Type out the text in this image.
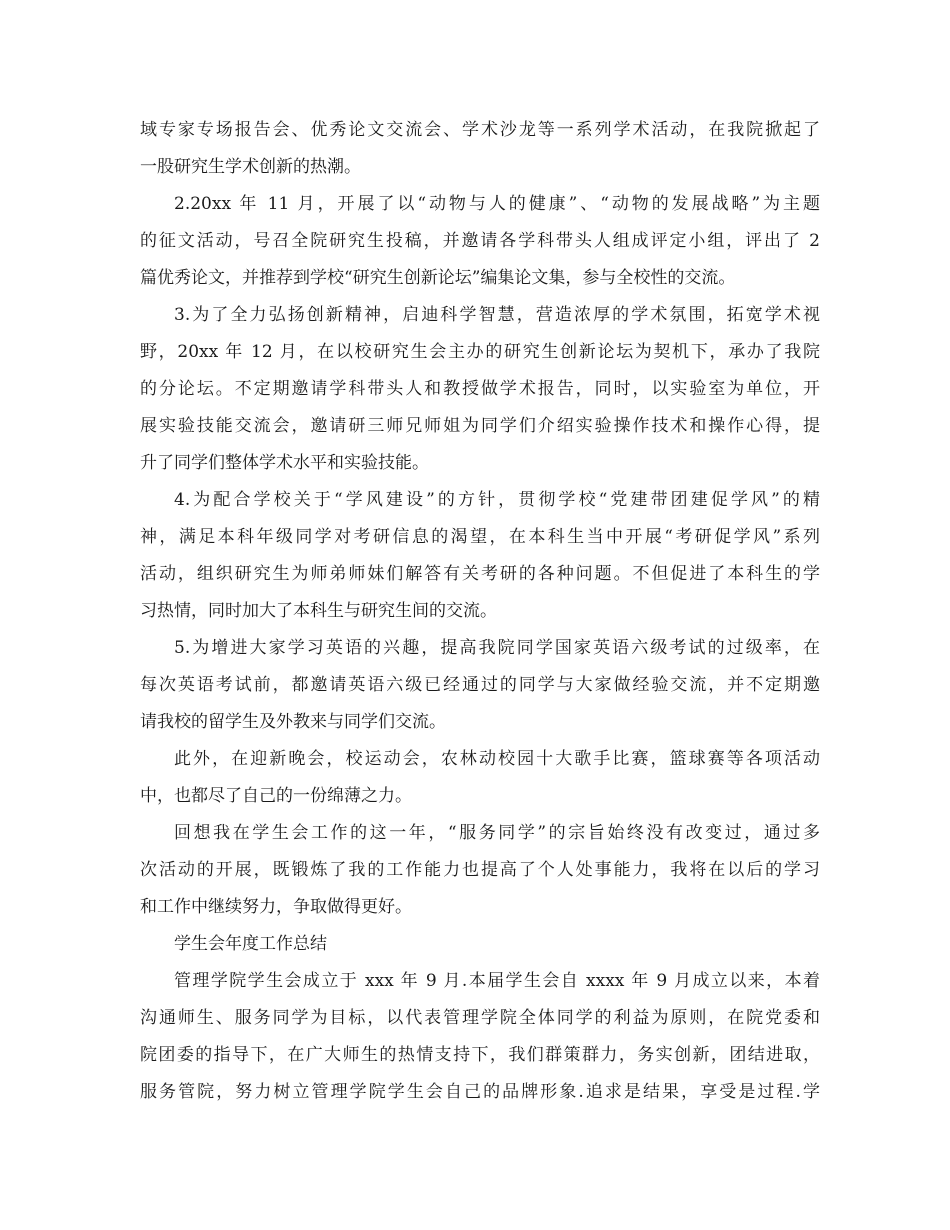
域专家专场报告会、优秀论文交流会、学术沙龙等一系列学术活动，在我院掀起了
一股研究生学术创新的热潮。
2.20xx 年 11 月，开展了以“动物与人的健康”、“动物的发展战略”为主题
的征文活动，号召全院研究生投稿，并邀请各学科带头人组成评定小组，评出了 2
篇优秀论文，并推荐到学校“研究生创新论坛”编集论文集，参与全校性的交流。
3.为了全力弘扬创新精神，启迪科学智慧，营造浓厚的学术氛围，拓宽学术视
野，20xx 年 12 月，在以校研究生会主办的研究生创新论坛为契机下，承办了我院
的分论坛。不定期邀请学科带头人和教授做学术报告，同时，以实验室为单位，开
展实验技能交流会，邀请研三师兄师姐为同学们介绍实验操作技术和操作心得，提
升了同学们整体学术水平和实验技能。
4.为配合学校关于“学风建设”的方针，贯彻学校“党建带团建促学风”的精
神，满足本科年级同学对考研信息的渴望，在本科生当中开展“考研促学风”系列
活动，组织研究生为师弟师妹们解答有关考研的各种问题。不但促进了本科生的学
习热情，同时加大了本科生与研究生间的交流。
5.为增进大家学习英语的兴趣，提高我院同学国家英语六级考试的过级率，在
每次英语考试前，都邀请英语六级已经通过的同学与大家做经验交流，并不定期邀
请我校的留学生及外教来与同学们交流。
此外，在迎新晚会，校运动会，农林动校园十大歌手比赛，篮球赛等各项活动
中，也都尽了自己的一份绵薄之力。
回想我在学生会工作的这一年，“服务同学”的宗旨始终没有改变过，通过多
次活动的开展，既锻炼了我的工作能力也提高了个人处事能力，我将在以后的学习
和工作中继续努力，争取做得更好。
学生会年度工作总结
管理学院学生会成立于 xxx 年 9 月.本届学生会自 xxxx 年 9 月成立以来，本着
沟通师生、服务同学为目标，以代表管理学院全体同学的利益为原则，在院党委和
院团委的指导下，在广大师生的热情支持下，我们群策群力，务实创新，团结进取，
服务管院，努力树立管理学院学生会自己的品牌形象.追求是结果，享受是过程.学
